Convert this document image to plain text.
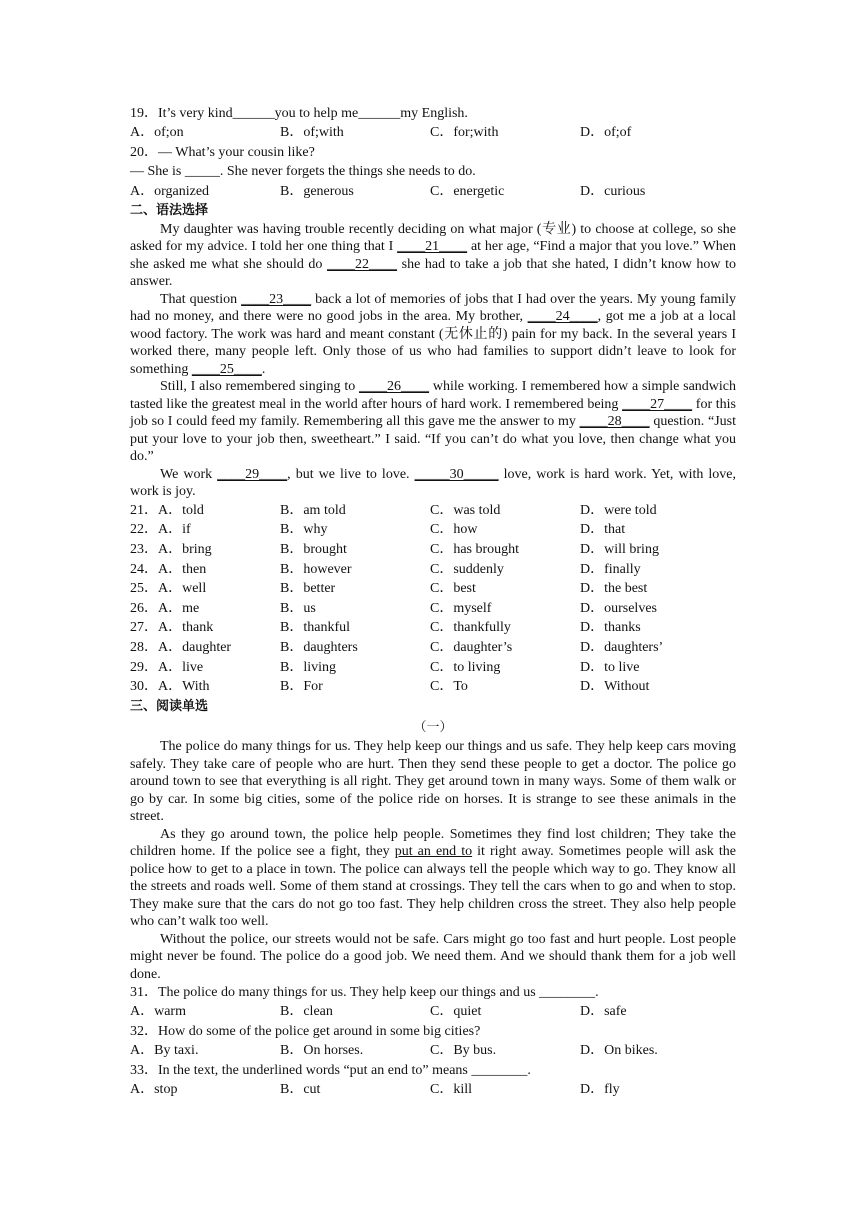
19．It’s very kind______you to help me______my English.
A．of;on	B．of;with	C．for;with	D．of;of
20．— What’s your cousin like?
— She is _____. She never forgets the things she needs to do.
A．organized	B．generous	C．energetic	D．curious
二、语法选择

My daughter was having trouble recently deciding on what major (专业) to choose at college, so she asked for my advice. I told her one thing that I ____21____ at her age, “Find a major that you love.” When she asked me what she should do ____22____ she had to take a job that she hated, I didn’t know how to answer.

That question ____23____ back a lot of memories of jobs that I had over the years. My young family had no money, and there were no good jobs in the area. My brother, ____24____, got me a job at a local wood factory. The work was hard and meant constant (无休止的) pain for my back. In the several years I worked there, many people left. Only those of us who had families to support didn’t leave to look for something ____25____.

Still, I also remembered singing to ____26____ while working. I remembered how a simple sandwich tasted like the greatest meal in the world after hours of hard work. I remembered being ____27____ for this job so I could feed my family. Remembering all this gave me the answer to my ____28____ question. “Just put your love to your job then, sweetheart.” I said. “If you can’t do what you love, then change what you do.”

We work ____29____, but we live to love. _____30_____ love, work is hard work. Yet, with love, work is joy.

21．A．told	B．am told	C．was told	D．were told
22．A．if	B．why	C．how	D．that
23．A．bring	B．brought	C．has brought	D．will bring
24．A．then	B．however	C．suddenly	D．finally
25．A．well	B．better	C．best	D．the best
26．A．me	B．us	C．myself	D．ourselves
27．A．thank	B．thankful	C．thankfully	D．thanks
28．A．daughter	B．daughters	C．daughter’s	D．daughters’
29．A．live	B．living	C．to living	D．to live
30．A．With	B．For	C．To	D．Without
三、阅读单选
（一）

The police do many things for us. They help keep our things and us safe. They help keep cars moving safely. They take care of people who are hurt. Then they send these people to get a doctor. The police go around town to see that everything is all right. They get around town in many ways. Some of them walk or go by car. In some big cities, some of the police ride on horses. It is strange to see these animals in the street.

As they go around town, the police help people. Sometimes they find lost children; They take the children home. If the police see a fight, they put an end to it right away. Sometimes people will ask the police how to get to a place in town. The police can always tell the people which way to go. They know all the streets and roads well. Some of them stand at crossings. They tell the cars when to go and when to stop. They make sure that the cars do not go too fast. They help children cross the street. They also help people who can’t walk too well.

Without the police, our streets would not be safe. Cars might go too fast and hurt people. Lost people might never be found. The police do a good job. We need them. And we should thank them for a job well done.

31．The police do many things for us. They help keep our things and us ________.
A．warm	B．clean	C．quiet	D．safe
32．How do some of the police get around in some big cities?
A．By taxi.	B．On horses.	C．By bus.	D．On bikes.
33．In the text, the underlined words “put an end to” means ________.
A．stop	B．cut	C．kill	D．fly
